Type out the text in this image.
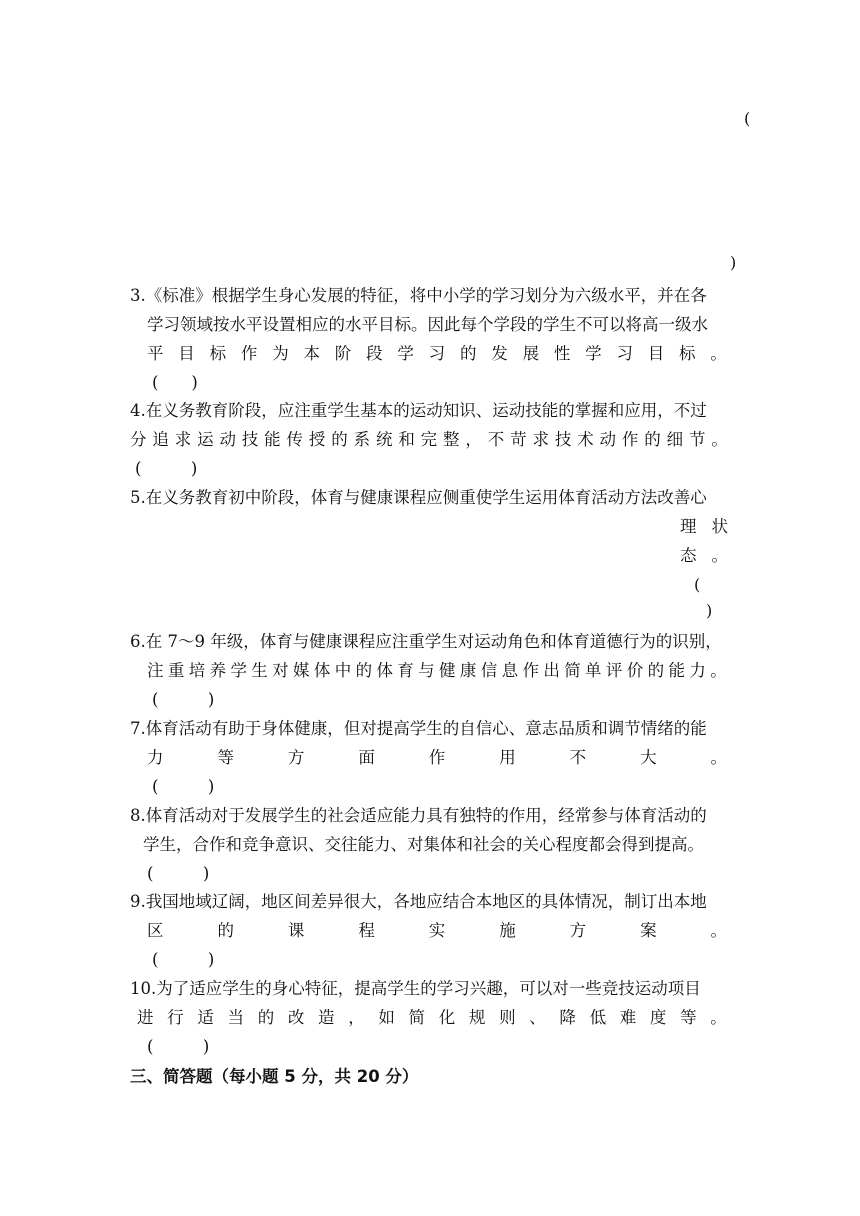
(
)
3.《标准》根据学生身心发展的特征，将中小学的学习划分为六级水平，并在各
学习领域按水平设置相应的水平目标。因此每个学段的学生不可以将高一级水
平 目 标 作 为 本 阶 段 学 习 的 发 展 性 学 习 目 标 。
(　　)
4.在义务教育阶段，应注重学生基本的运动知识、运动技能的掌握和应用，不过
分 追 求 运 动 技 能 传 授 的 系 统 和 完 整 ， 不 苛 求 技 术 动 作 的 细 节 。
(　　　)
5.在义务教育初中阶段，体育与健康课程应侧重使学生运用体育活动方法改善心
理 状
态 。
(
)
6.在 7～9 年级，体育与健康课程应注重学生对运动角色和体育道德行为的识别，
注 重 培 养 学 生 对 媒 体 中 的 体 育 与 健 康 信 息 作 出 简 单 评 价 的 能 力 。
(　　　)
7.体育活动有助于身体健康，但对提高学生的自信心、意志品质和调节情绪的能
力	等	方	面	作	用	不	大	。
(　　　)
8.体育活动对于发展学生的社会适应能力具有独特的作用，经常参与体育活动的
学生，合作和竞争意识、交往能力、对集体和社会的关心程度都会得到提高。
(　　　)
9.我国地域辽阔，地区间差异很大，各地应结合本地区的具体情况，制订出本地
区	的	课	程	实	施	方	案	。
(　　　)
10.为了适应学生的身心特征，提高学生的学习兴趣，可以对一些竞技运动项目
进 行 适 当 的 改 造 ， 如 简 化 规 则 、 降 低 难 度 等 。
(　　　)
三、简答题（每小题 5 分，共 20 分）
